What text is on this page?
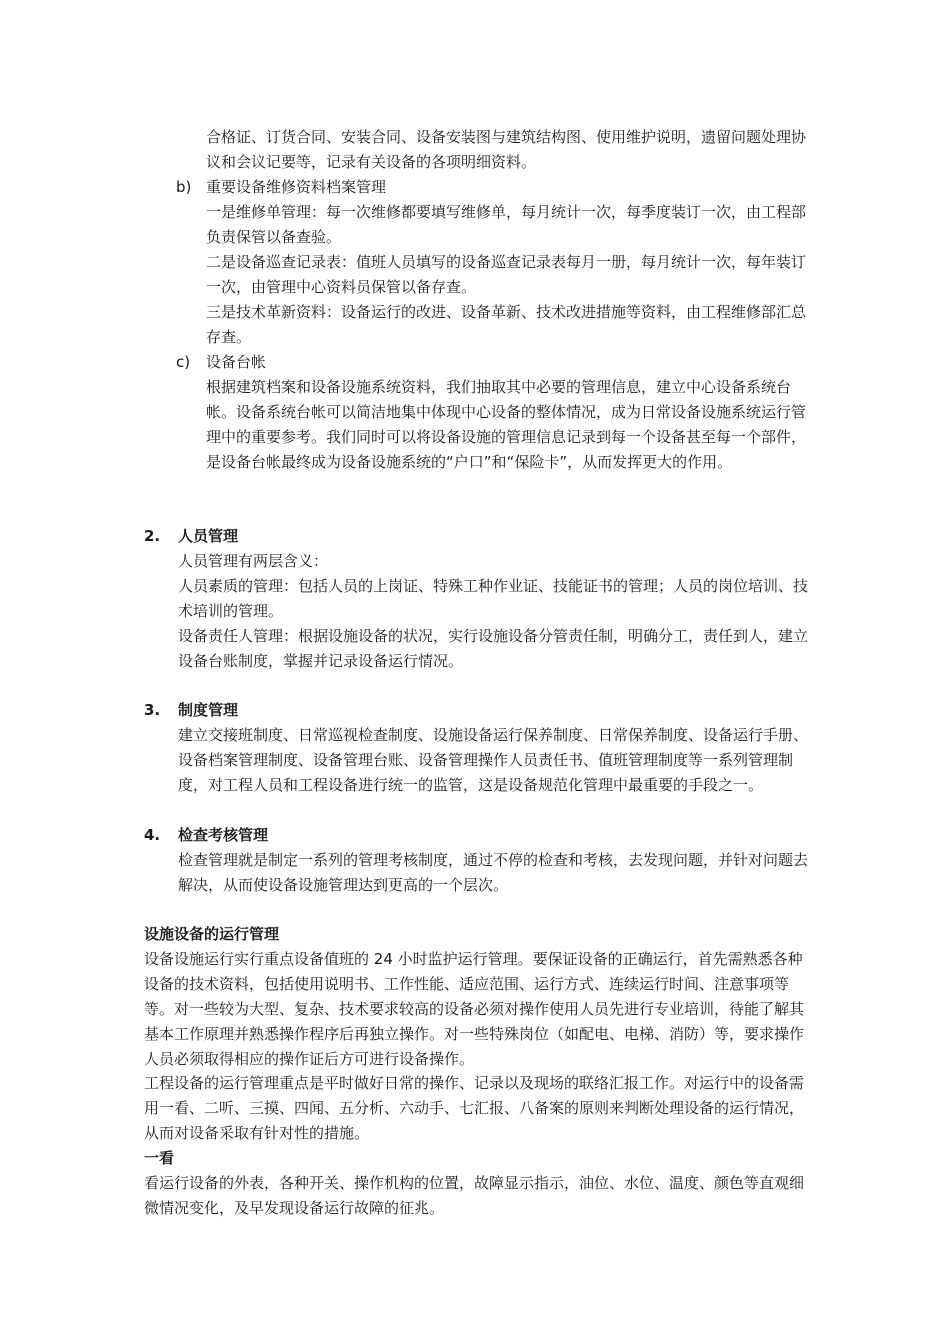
合格证、订货合同、安装合同、设备安装图与建筑结构图、使用维护说明，遗留问题处理协议和会议记要等，记录有关设备的各项明细资料。

b) 重要设备维修资料档案管理

一是维修单管理：每一次维修都要填写维修单，每月统计一次，每季度装订一次，由工程部负责保管以备查验。

二是设备巡查记录表：值班人员填写的设备巡查记录表每月一册，每月统计一次，每年装订一次，由管理中心资料员保管以备存查。

三是技术革新资料：设备运行的改进、设备革新、技术改进措施等资料，由工程维修部汇总存查。

c) 设备台帐

根据建筑档案和设备设施系统资料，我们抽取其中必要的管理信息，建立中心设备系统台帐。设备系统台帐可以简洁地集中体现中心设备的整体情况，成为日常设备设施系统运行管理中的重要参考。我们同时可以将设备设施的管理信息记录到每一个设备甚至每一个部件，是设备台帐最终成为设备设施系统的“户口”和“保险卡”，从而发挥更大的作用。

2. 人员管理

人员管理有两层含义：

人员素质的管理：包括人员的上岗证、特殊工种作业证、技能证书的管理；人员的岗位培训、技术培训的管理。

设备责任人管理：根据设施设备的状况，实行设施设备分管责任制，明确分工，责任到人，建立设备台账制度，掌握并记录设备运行情况。

3. 制度管理

建立交接班制度、日常巡视检查制度、设施设备运行保养制度、日常保养制度、设备运行手册、设备档案管理制度、设备管理台账、设备管理操作人员责任书、值班管理制度等一系列管理制度，对工程人员和工程设备进行统一的监管，这是设备规范化管理中最重要的手段之一。

4. 检查考核管理

检查管理就是制定一系列的管理考核制度，通过不停的检查和考核，去发现问题，并针对问题去解决，从而使设备设施管理达到更高的一个层次。

设施设备的运行管理

设备设施运行实行重点设备值班的 24 小时监护运行管理。要保证设备的正确运行，首先需熟悉各种设备的技术资料，包括使用说明书、工作性能、适应范围、运行方式、连续运行时间、注意事项等等。对一些较为大型、复杂、技术要求较高的设备必须对操作使用人员先进行专业培训，待能了解其基本工作原理并熟悉操作程序后再独立操作。对一些特殊岗位（如配电、电梯、消防）等，要求操作人员必须取得相应的操作证后方可进行设备操作。

工程设备的运行管理重点是平时做好日常的操作、记录以及现场的联络汇报工作。对运行中的设备需用一看、二听、三摸、四闻、五分析、六动手、七汇报、八备案的原则来判断处理设备的运行情况，从而对设备采取有针对性的措施。

一看

看运行设备的外表，各种开关、操作机构的位置，故障显示指示，油位、水位、温度、颜色等直观细微情况变化，及早发现设备运行故障的征兆。
